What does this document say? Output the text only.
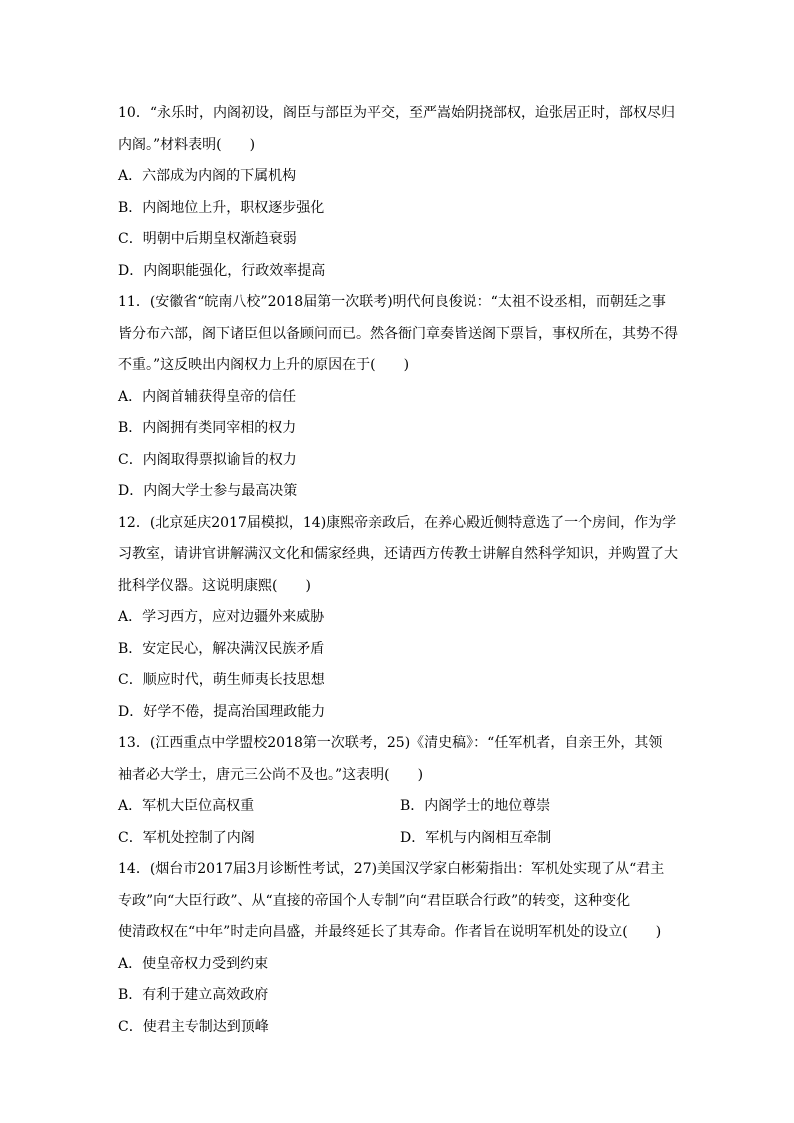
10．“永乐时，内阁初设，阁臣与部臣为平交，至严嵩始阴挠部权，迨张居正时，部权尽归
内阁。”材料表明(　　)
A．六部成为内阁的下属机构
B．内阁地位上升，职权逐步强化
C．明朝中后期皇权渐趋衰弱
D．内阁职能强化，行政效率提高
11．(安徽省“皖南八校”2018届第一次联考)明代何良俊说：“太祖不设丞相，而朝廷之事
皆分布六部，阁下诸臣但以备顾问而已。然各衙门章奏皆送阁下票旨，事权所在，其势不得
不重。”这反映出内阁权力上升的原因在于(　　)
A．内阁首辅获得皇帝的信任
B．内阁拥有类同宰相的权力
C．内阁取得票拟谕旨的权力
D．内阁大学士参与最高决策
12．(北京延庆2017届模拟，14)康熙帝亲政后，在养心殿近侧特意选了一个房间，作为学
习教室，请讲官讲解满汉文化和儒家经典，还请西方传教士讲解自然科学知识，并购置了大
批科学仪器。这说明康熙(　　)
A．学习西方，应对边疆外来威胁
B．安定民心，解决满汉民族矛盾
C．顺应时代，萌生师夷长技思想
D．好学不倦，提高治国理政能力
13．(江西重点中学盟校2018第一次联考，25)《清史稿》：“任军机者，自亲王外，其领
袖者必大学士，唐元三公尚不及也。”这表明(　　)
A．军机大臣位高权重	B．内阁学士的地位尊崇
C．军机处控制了内阁	D．军机与内阁相互牵制
14．(烟台市2017届3月诊断性考试，27)美国汉学家白彬菊指出：军机处实现了从“君主
专政”向“大臣行政”、从“直接的帝国个人专制”向“君臣联合行政”的转变，这种变化
使清政权在“中年”时走向昌盛，并最终延长了其寿命。作者旨在说明军机处的设立(　　)
A．使皇帝权力受到约束
B．有利于建立高效政府
C．使君主专制达到顶峰
